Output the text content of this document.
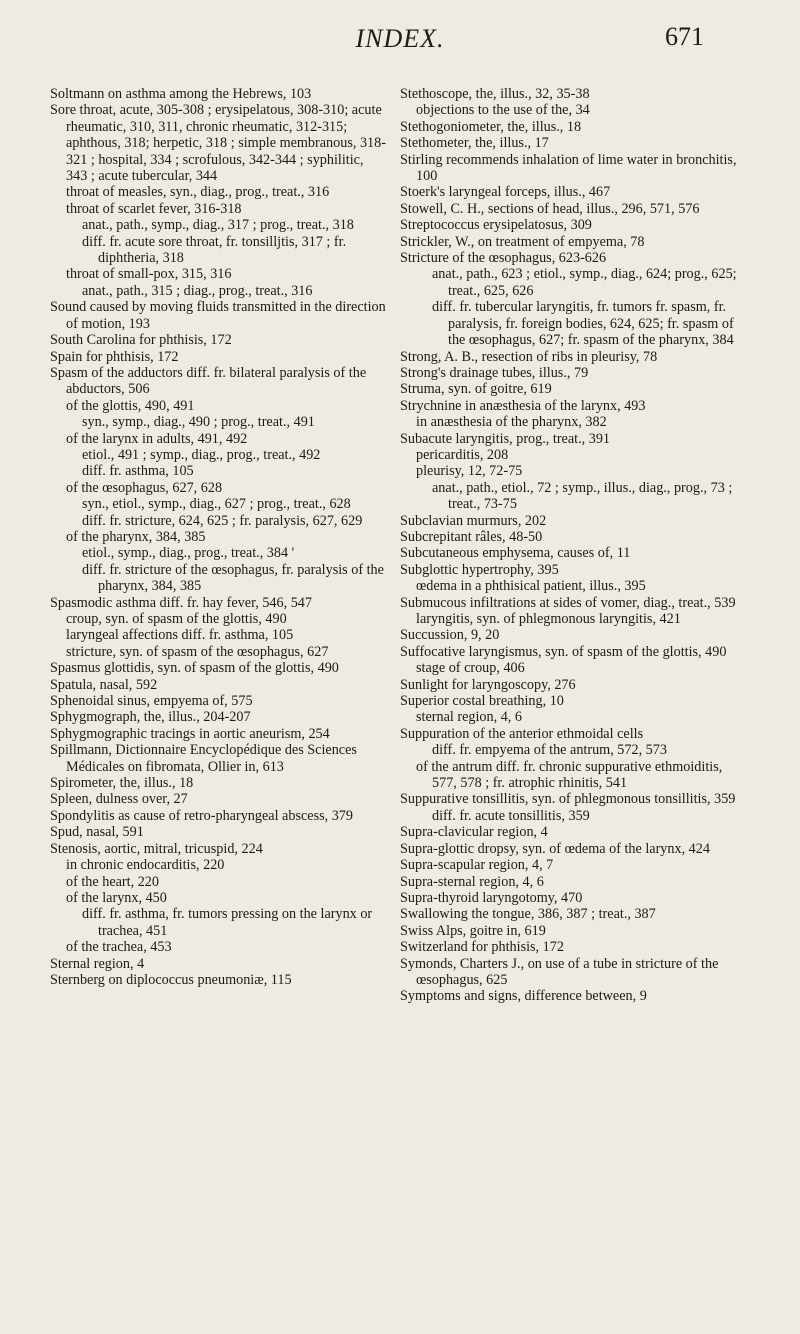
INDEX.	671
Soltmann on asthma among the Hebrews, 103
Sore throat, acute, 305-308 ; erysipelatous, 308-310; acute rheumatic, 310, 311, chronic rheumatic, 312-315; aphthous, 318; herpetic, 318 ; simple membranous, 318-321 ; hospital, 334 ; scrofulous, 342-344 ; syphilitic, 343 ; acute tubercular, 344
throat of measles, syn., diag., prog., treat., 316
throat of scarlet fever, 316-318
anat., path., symp., diag., 317 ; prog., treat., 318
diff. fr. acute sore throat, fr. tonsilljtis, 317 ; fr. diphtheria, 318
throat of small-pox, 315, 316
anat., path., 315 ; diag., prog., treat., 316
Sound caused by moving fluids transmitted in the direction of motion, 193
South Carolina for phthisis, 172
Spain for phthisis, 172
Spasm of the adductors diff. fr. bilateral paralysis of the abductors, 506
of the glottis, 490, 491
syn., symp., diag., 490 ; prog., treat., 491
of the larynx in adults, 491, 492
etiol., 491 ; symp., diag., prog., treat., 492
diff. fr. asthma, 105
of the œsophagus, 627, 628
syn., etiol., symp., diag., 627 ; prog., treat., 628
diff. fr. stricture, 624, 625 ; fr. paralysis, 627, 629
of the pharynx, 384, 385
etiol., symp., diag., prog., treat., 384 '
diff. fr. stricture of the œsophagus, fr. paralysis of the pharynx, 384, 385
Spasmodic asthma diff. fr. hay fever, 546, 547
croup, syn. of spasm of the glottis, 490
laryngeal affections diff. fr. asthma, 105
stricture, syn. of spasm of the œsophagus, 627
Spasmus glottidis, syn. of spasm of the glottis, 490
Spatula, nasal, 592
Sphenoidal sinus, empyema of, 575
Sphygmograph, the, illus., 204-207
Sphygmographic tracings in aortic aneurism, 254
Spillmann, Dictionnaire Encyclopédique des Sciences Médicales on fibromata, Ollier in, 613
Spirometer, the, illus., 18
Spleen, dulness over, 27
Spondylitis as cause of retro-pharyngeal abscess, 379
Spud, nasal, 591
Stenosis, aortic, mitral, tricuspid, 224
in chronic endocarditis, 220
of the heart, 220
of the larynx, 450
diff. fr. asthma, fr. tumors pressing on the larynx or trachea, 451
of the trachea, 453
Sternal region, 4
Sternberg on diplococcus pneumoniæ, 115
Stethoscope, the, illus., 32, 35-38
objections to the use of the, 34
Stethogoniometer, the, illus., 18
Stethometer, the, illus., 17
Stirling recommends inhalation of lime water in bronchitis, 100
Stoerk's laryngeal forceps, illus., 467
Stowell, C. H., sections of head, illus., 296, 571, 576
Streptococcus erysipelatosus, 309
Strickler, W., on treatment of empyema, 78
Stricture of the œsophagus, 623-626
anat., path., 623 ; etiol., symp., diag., 624; prog., 625; treat., 625, 626
diff. fr. tubercular laryngitis, fr. tumors fr. spasm, fr. paralysis, fr. foreign bodies, 624, 625; fr. spasm of the œsophagus, 627; fr. spasm of the pharynx, 384
Strong, A. B., resection of ribs in pleurisy, 78
Strong's drainage tubes, illus., 79
Struma, syn. of goitre, 619
Strychnine in anæsthesia of the larynx, 493
in anæsthesia of the pharynx, 382
Subacute laryngitis, prog., treat., 391
pericarditis, 208
pleurisy, 12, 72-75
anat., path., etiol., 72 ; symp., illus., diag., prog., 73 ; treat., 73-75
Subclavian murmurs, 202
Subcrepitant râles, 48-50
Subcutaneous emphysema, causes of, 11
Subglottic hypertrophy, 395
œdema in a phthisical patient, illus., 395
Submucous infiltrations at sides of vomer, diag., treat., 539
laryngitis, syn. of phlegmonous laryngitis, 421
Succussion, 9, 20
Suffocative laryngismus, syn. of spasm of the glottis, 490
stage of croup, 406
Sunlight for laryngoscopy, 276
Superior costal breathing, 10
sternal region, 4, 6
Suppuration of the anterior ethmoidal cells
diff. fr. empyema of the antrum, 572, 573
of the antrum diff. fr. chronic suppurative ethmoiditis, 577, 578 ; fr. atrophic rhinitis, 541
Suppurative tonsillitis, syn. of phlegmonous tonsillitis, 359
diff. fr. acute tonsillitis, 359
Supra-clavicular region, 4
Supra-glottic dropsy, syn. of œdema of the larynx, 424
Supra-scapular region, 4, 7
Supra-sternal region, 4, 6
Supra-thyroid laryngotomy, 470
Swallowing the tongue, 386, 387 ; treat., 387
Swiss Alps, goitre in, 619
Switzerland for phthisis, 172
Symonds, Charters J., on use of a tube in stricture of the œsophagus, 625
Symptoms and signs, difference between, 9
